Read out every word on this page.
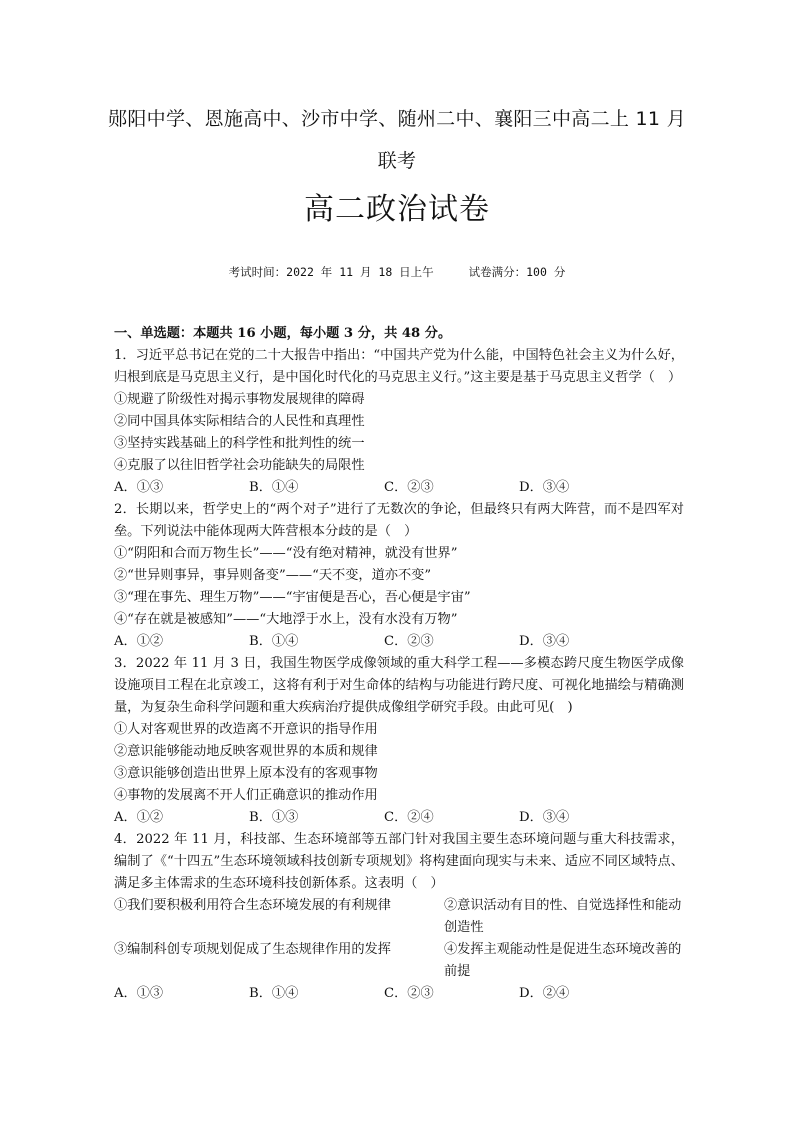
郧阳中学、恩施高中、沙市中学、随州二中、襄阳三中高二上 11 月
联考
高二政治试卷
考试时间：2022 年 11 月 18 日上午	试卷满分：100 分
一、单选题：本题共 16 小题，每小题 3 分，共 48 分。
1．习近平总书记在党的二十大报告中指出：“中国共产党为什么能，中国特色社会主义为什么好，归根到底是马克思主义行，是中国化时代化的马克思主义行。”这主要是基于马克思主义哲学（　）
①规避了阶级性对揭示事物发展规律的障碍
②同中国具体实际相结合的人民性和真理性
③坚持实践基础上的科学性和批判性的统一
④克服了以往旧哲学社会功能缺失的局限性
A．①③	B．①④	C．②③	D．③④
2．长期以来，哲学史上的“两个对子”进行了无数次的争论，但最终只有两大阵营，而不是四军对垒。下列说法中能体现两大阵营根本分歧的是（　）
①“阴阳和合而万物生长”——“没有绝对精神，就没有世界”
②“世异则事异，事异则备变”——“天不变，道亦不变”
③“理在事先、理生万物”——“宇宙便是吾心，吾心便是宇宙”
④“存在就是被感知”——“大地浮于水上，没有水没有万物”
A．①②	B．①④	C．②③	D．③④
3．2022 年 11 月 3 日，我国生物医学成像领域的重大科学工程——多模态跨尺度生物医学成像设施项目工程在北京竣工，这将有利于对生命体的结构与功能进行跨尺度、可视化地描绘与精确测量，为复杂生命科学问题和重大疾病治疗提供成像组学研究手段。由此可见(　)
①人对客观世界的改造离不开意识的指导作用
②意识能够能动地反映客观世界的本质和规律
③意识能够创造出世界上原本没有的客观事物
④事物的发展离不开人们正确意识的推动作用
A．①②	B．①③	C．②④	D．③④
4．2022 年 11 月，科技部、生态环境部等五部门针对我国主要生态环境问题与重大科技需求，编制了《“十四五”生态环境领域科技创新专项规划》将构建面向现实与未来、适应不同区域特点、满足多主体需求的生态环境科技创新体系。这表明（　）
①我们要积极利用符合生态环境发展的有利规律	②意识活动有目的性、自觉选择性和能动创造性
③编制科创专项规划促成了生态规律作用的发挥	④发挥主观能动性是促进生态环境改善的前提
A．①③	B．①④	C．②③	D．②④
